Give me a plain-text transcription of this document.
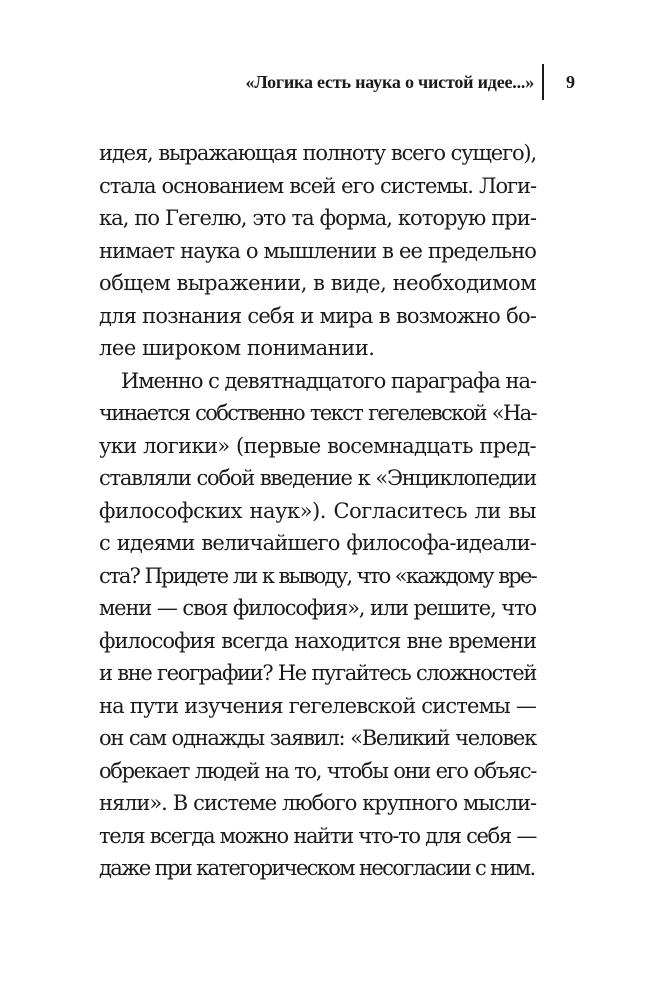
«Логика есть наука о чистой идее...» 9
идея, выражающая полноту всего сущего),
стала основанием всей его системы. Логи-
ка, по Гегелю, это та форма, которую при-
нимает наука о мышлении в ее предельно
общем выражении, в виде, необходимом
для познания себя и мира в возможно бо-
лее широком понимании.
Именно с девятнадцатого параграфа на-
чинается собственно текст гегелевской «На-
уки логики» (первые восемнадцать пред-
ставляли собой введение к «Энциклопедии
философских наук»). Согласитесь ли вы
с идеями величайшего философа-идеали-
ста? Придете ли к выводу, что «каждому вре-
мени — своя философия», или решите, что
философия всегда находится вне времени
и вне географии? Не пугайтесь сложностей
на пути изучения гегелевской системы —
он сам однажды заявил: «Великий человек
обрекает людей на то, чтобы они его объяс-
няли». В системе любого крупного мысли-
теля всегда можно найти что-то для себя —
даже при категорическом несогласии с ним.
